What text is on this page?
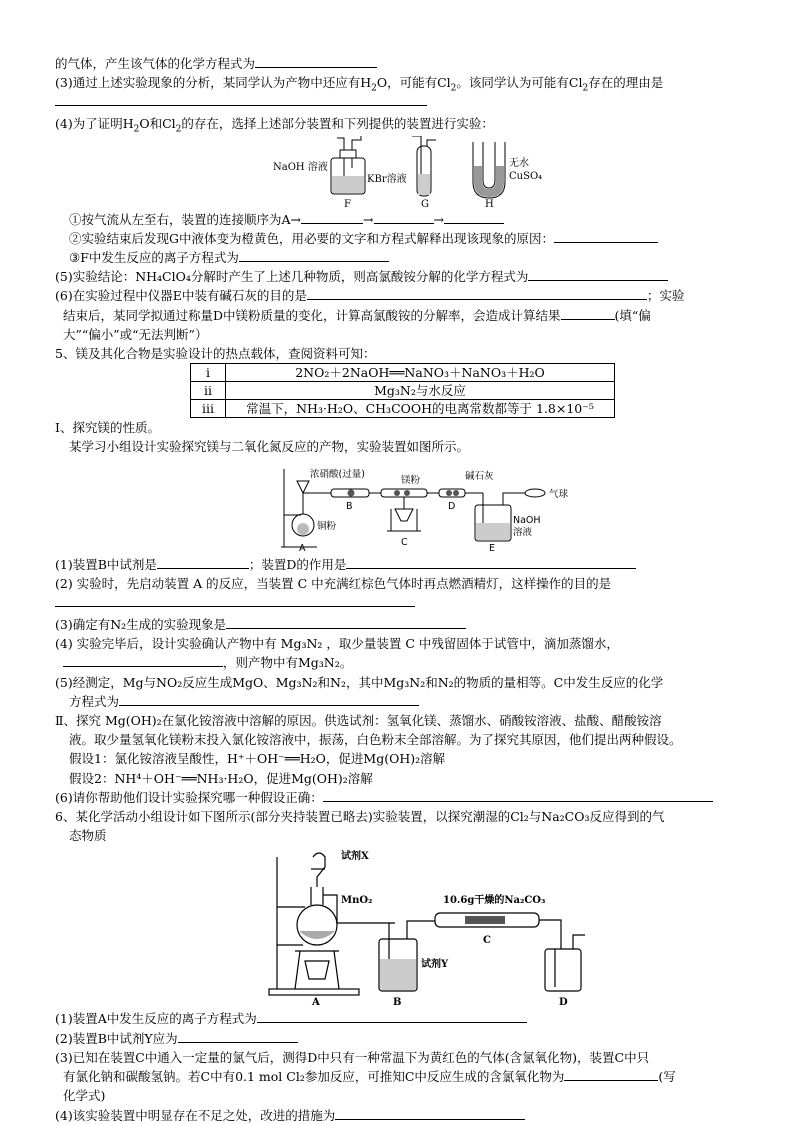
的气体，产生该气体的化学方程式为
(3)通过上述实验现象的分析，某同学认为产物中还应有$H_2O$，可能有$Cl_2$。该同学认为可能有$Cl_2$存在的理由是
(4)为了证明$H_2O$和$Cl_2$的存在，选择上述部分装置和下列提供的装置进行实验：
NaOH 溶液
KBr溶液
无水
CuSO₄
F	G	H
①按气流从左至右，装置的连接顺序为A→	→	→
②实验结束后发现G中液体变为橙黄色，用必要的文字和方程式解释出现该现象的原因：
③F中发生反应的离子方程式为
(5)实验结论：NH₄ClO₄分解时产生了上述几种物质，则高氯酸铵分解的化学方程式为
(6)在实验过程中仪器E中装有碱石灰的目的是	；实验
结束后，某同学拟通过称量D中镁粉质量的变化，计算高氯酸铵的分解率，会造成计算结果	(填“偏
大”“偏小”或“无法判断”）
5、镁及其化合物是实验设计的热点载体，查阅资料可知：
i	2NO₂＋2NaOH══NaNO₃＋NaNO₃＋H₂O
ii	Mg₃N₂与水反应
iii	常温下，NH₃·H₂O、CH₃COOH的电离常数都等于 1.8×10⁻⁵
Ⅰ、探究镁的性质。
某学习小组设计实验探究镁与二氧化氮反应的产物，实验装置如图所示。
浓硝酸(过量)
镁粉	碱石灰
气球
铜粉
NaOH
溶液
A
B
C
D
E
(1)装置B中试剂是	；装置D的作用是
(2) 实验时，先启动装置 A 的反应，当装置 C 中充满红棕色气体时再点燃酒精灯，这样操作的目的是
(3)确定有N₂生成的实验现象是
(4) 实验完毕后，设计实验确认产物中有 Mg₃N₂ ，取少量装置 C 中残留固体于试管中，滴加蒸馏水，
，则产物中有Mg₃N₂。
(5)经测定，Mg与NO₂反应生成MgO、Mg₃N₂和N₂，其中Mg₃N₂和N₂的物质的量相等。C中发生反应的化学
方程式为
Ⅱ、探究 Mg(OH)₂在氯化铵溶液中溶解的原因。供选试剂：氢氧化镁、蒸馏水、硝酸铵溶液、盐酸、醋酸铵溶
液。取少量氢氧化镁粉末投入氯化铵溶液中，振荡，白色粉末全部溶解。为了探究其原因，他们提出两种假设。
假设1：氯化铵溶液呈酸性，H⁺＋OH⁻══H₂O，促进Mg(OH)₂溶解
假设2：NH⁴＋OH⁻══NH₃·H₂O，促进Mg(OH)₂溶解
(6)请你帮助他们设计实验探究哪一种假设正确：
6、某化学活动小组设计如下图所示(部分夹持装置已略去)实验装置，以探究潮湿的Cl₂与Na₂CO₃反应得到的气
态物质
试剂X
MnO₂	10.6g干燥的Na₂CO₃
试剂Y
A	B
C
D
(1)装置A中发生反应的离子方程式为
(2)装置B中试剂Y应为
(3)已知在装置C中通入一定量的氯气后，测得D中只有一种常温下为黄红色的气体(含氯氧化物)，装置C中只
有氯化钠和碳酸氢钠。若C中有0.1 mol Cl₂参加反应，可推知C中反应生成的含氯氧化物为	(写
化学式)
(4)该实验装置中明显存在不足之处，改进的措施为
